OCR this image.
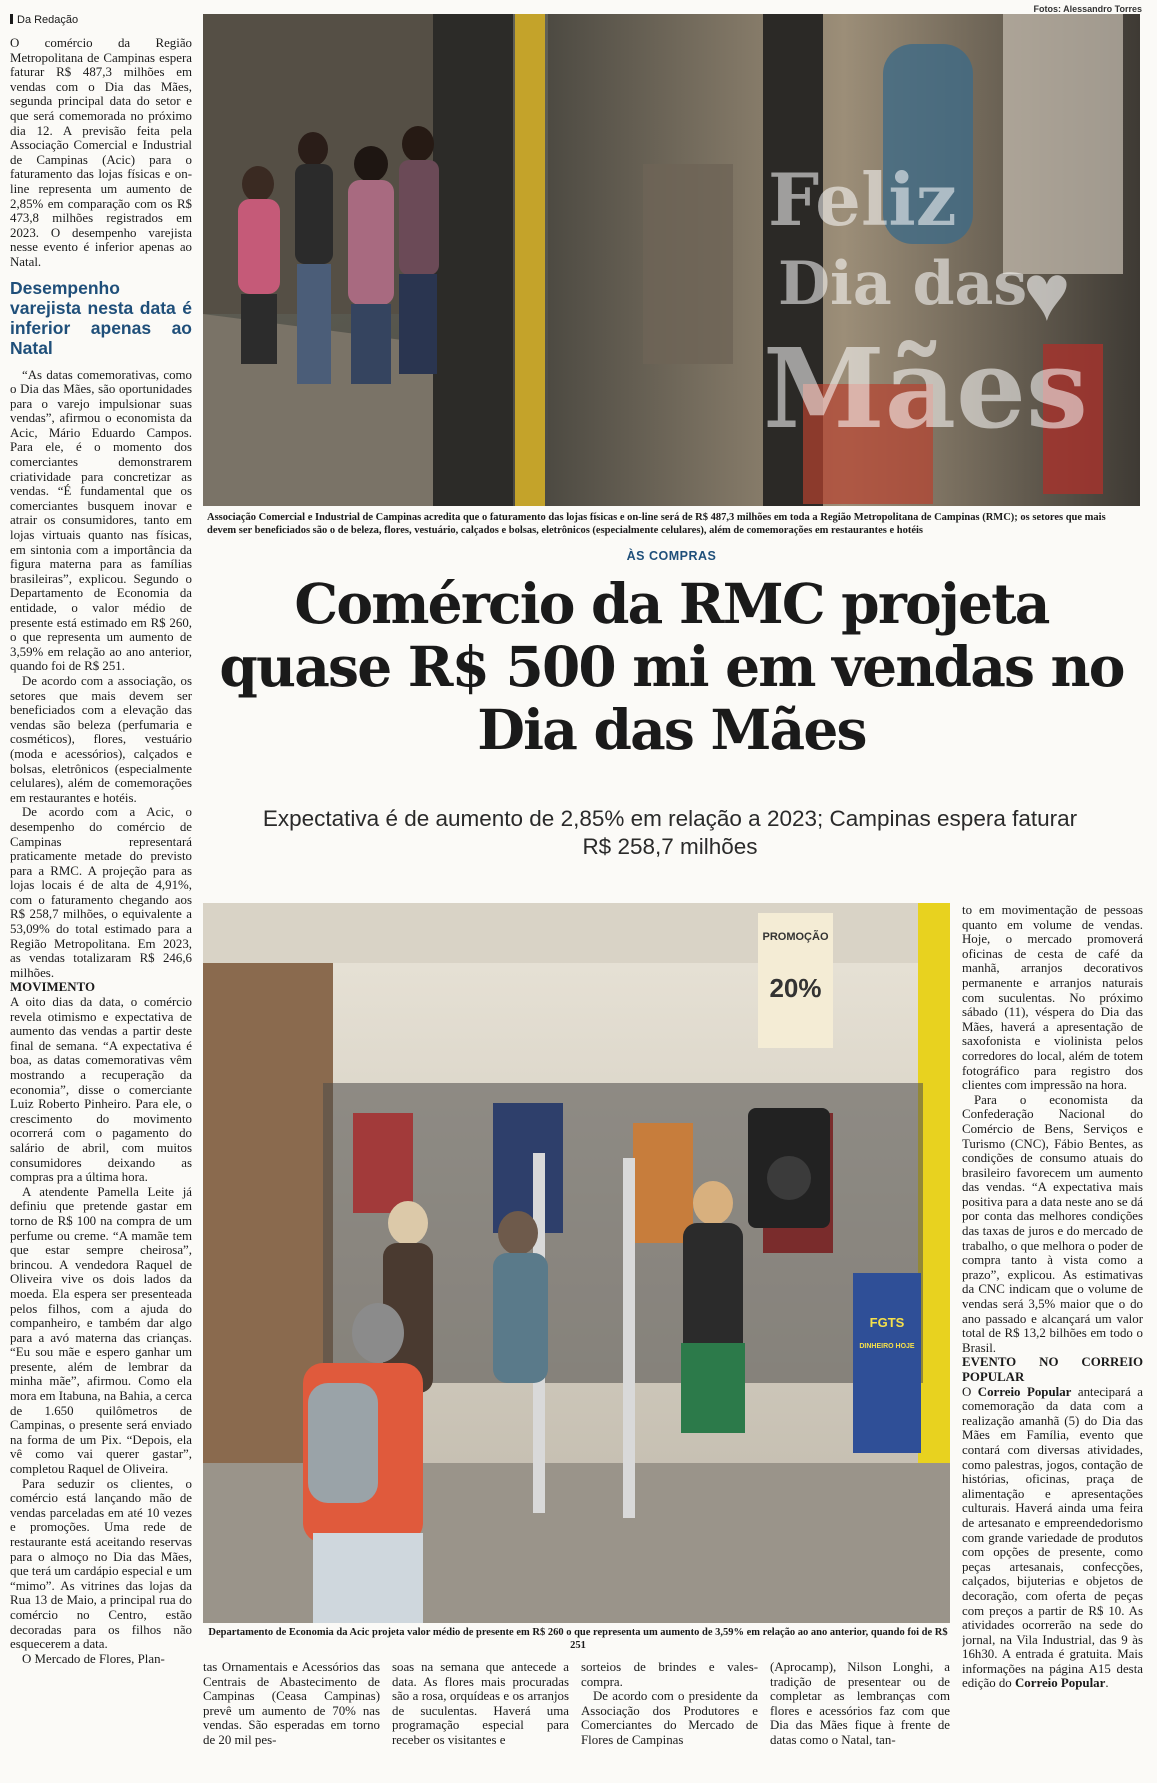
Da Redação
Fotos: Alessandro Torres
Feliz
Dia das
Mães
♥
Associação Comercial e Industrial de Campinas acredita que o faturamento das lojas físicas e on-line será de R$ 487,3 milhões em toda a Região Metropolitana de Campinas (RMC); os setores que mais devem ser beneficiados são o de beleza, flores, vestuário, calçados e bolsas, eletrônicos (especialmente celulares), além de comemorações em restaurantes e hotéis
ÀS COMPRAS
Comércio da RMC projeta quase R$ 500 mi em vendas no Dia das Mães
Expectativa é de aumento de 2,85% em relação a 2023; Campinas espera faturar R$ 258,7 milhões
PROMOÇÃO
20%
FGTS
DINHEIRO HOJE
Departamento de Economia da Acic projeta valor médio de presente em R$ 260 o que representa um aumento de 3,59% em relação ao ano anterior, quando foi de R$ 251

O comércio da Região Metropolitana de Campinas espera faturar R$ 487,3 milhões em vendas com o Dia das Mães, segunda principal data do setor e que será comemorada no próximo dia 12. A previsão feita pela Associação Comercial e Industrial de Campinas (Acic) para o faturamento das lojas físicas e on-line representa um aumento de 2,85% em comparação com os R$ 473,8 milhões registrados em 2023. O desempenho varejista nesse evento é inferior apenas ao Natal.

Desempenho varejista nesta data é inferior apenas ao Natal

“As datas comemorativas, como o Dia das Mães, são oportunidades para o varejo impulsionar suas vendas”, afirmou o economista da Acic, Mário Eduardo Campos. Para ele, é o momento dos comerciantes demonstrarem criatividade para concretizar as vendas. “É fundamental que os comerciantes busquem inovar e atrair os consumidores, tanto em lojas virtuais quanto nas físicas, em sintonia com a importância da figura materna para as famílias brasileiras”, explicou. Segundo o Departamento de Economia da entidade, o valor médio de presente está estimado em R$ 260, o que representa um aumento de 3,59% em relação ao ano anterior, quando foi de R$ 251.

De acordo com a associação, os setores que mais devem ser beneficiados com a elevação das vendas são beleza (perfumaria e cosméticos), flores, vestuário (moda e acessórios), calçados e bolsas, eletrônicos (especialmente celulares), além de comemorações em restaurantes e hotéis.

De acordo com a Acic, o desempenho do comércio de Campinas representará praticamente metade do previsto para a RMC. A projeção para as lojas locais é de alta de 4,91%, com o faturamento chegando aos R$ 258,7 milhões, o equivalente a 53,09% do total estimado para a Região Metropolitana. Em 2023, as vendas totalizaram R$ 246,6 milhões.

MOVIMENTO

A oito dias da data, o comércio revela otimismo e expectativa de aumento das vendas a partir deste final de semana. “A expectativa é boa, as datas comemorativas vêm mostrando a recuperação da economia”, disse o comerciante Luiz Roberto Pinheiro. Para ele, o crescimento do movimento ocorrerá com o pagamento do salário de abril, com muitos consumidores deixando as compras pra a última hora.

A atendente Pamella Leite já definiu que pretende gastar em torno de R$ 100 na compra de um perfume ou creme. “A mamãe tem que estar sempre cheirosa”, brincou. A vendedora Raquel de Oliveira vive os dois lados da moeda. Ela espera ser presenteada pelos filhos, com a ajuda do companheiro, e também dar algo para a avó materna das crianças. “Eu sou mãe e espero ganhar um presente, além de lembrar da minha mãe”, afirmou. Como ela mora em Itabuna, na Bahia, a cerca de 1.650 quilômetros de Campinas, o presente será enviado na forma de um Pix. “Depois, ela vê como vai querer gastar”, completou Raquel de Oliveira.

Para seduzir os clientes, o comércio está lançando mão de vendas parceladas em até 10 vezes e promoções. Uma rede de restaurante está aceitando reservas para o almoço no Dia das Mães, que terá um cardápio especial e um “mimo”. As vitrines das lojas da Rua 13 de Maio, a principal rua do comércio no Centro, estão decoradas para os filhos não esquecerem a data.

O Mercado de Flores, Plan-

to em movimentação de pessoas quanto em volume de vendas. Hoje, o mercado promoverá oficinas de cesta de café da manhã, arranjos decorativos permanente e arranjos naturais com suculentas. No próximo sábado (11), véspera do Dia das Mães, haverá a apresentação de saxofonista e violinista pelos corredores do local, além de totem fotográfico para registro dos clientes com impressão na hora.

Para o economista da Confederação Nacional do Comércio de Bens, Serviços e Turismo (CNC), Fábio Bentes, as condições de consumo atuais do brasileiro favorecem um aumento das vendas. “A expectativa mais positiva para a data neste ano se dá por conta das melhores condições das taxas de juros e do mercado de trabalho, o que melhora o poder de compra tanto à vista como a prazo”, explicou. As estimativas da CNC indicam que o volume de vendas será 3,5% maior que o do ano passado e alcançará um valor total de R$ 13,2 bilhões em todo o Brasil.

EVENTO NO CORREIO POPULAR

O Correio Popular antecipará a comemoração da data com a realização amanhã (5) do Dia das Mães em Família, evento que contará com diversas atividades, como palestras, jogos, contação de histórias, oficinas, praça de alimentação e apresentações culturais. Haverá ainda uma feira de artesanato e empreendedorismo com grande variedade de produtos com opções de presente, como peças artesanais, confecções, calçados, bijuterias e objetos de decoração, com oferta de peças com preços a partir de R$ 10. As atividades ocorrerão na sede do jornal, na Vila Industrial, das 9 às 16h30. A entrada é gratuita. Mais informações na página A15 desta edição do Correio Popular.

tas Ornamentais e Acessórios das Centrais de Abastecimento de Campinas (Ceasa Campinas) prevê um aumento de 70% nas vendas. São esperadas em torno de 20 mil pes-

soas na semana que antecede a data. As flores mais procuradas são a rosa, orquídeas e os arranjos de suculentas. Haverá uma programação especial para receber os visitantes e

sorteios de brindes e vales-compra.

De acordo com o presidente da Associação dos Produtores e Comerciantes do Mercado de Flores de Campinas

(Aprocamp), Nilson Longhi, a tradição de presentear ou de completar as lembranças com flores e acessórios faz com que Dia das Mães fique à frente de datas como o Natal, tan-
